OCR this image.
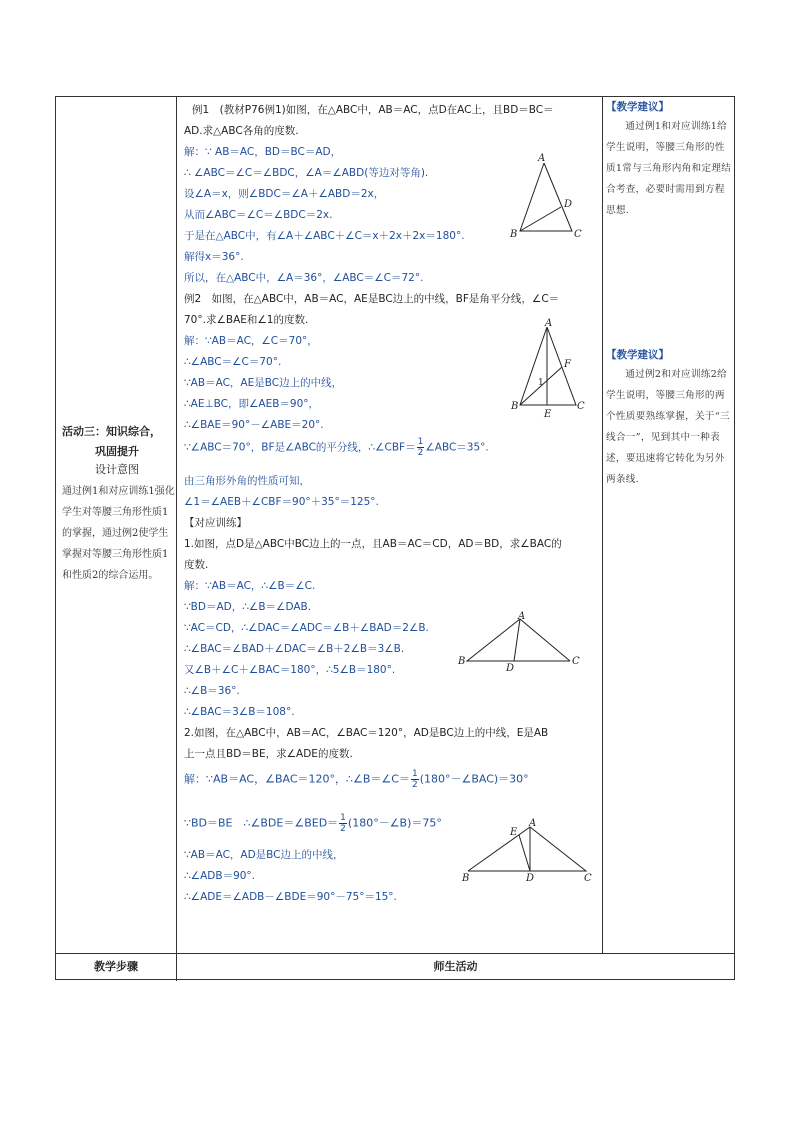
活动三：知识综合，
巩固提升
设计意图
通过例1和对应训练1强化学生对等腰三角形性质1的掌握，通过例2使学生掌握对等腰三角形性质1和性质2的综合运用。
例1　(教材P76例1)如图，在△ABC中，AB＝AC，点D在AC上，且BD＝BC＝
AD.求△ABC各角的度数.
解：∵ AB＝AC，BD＝BC＝AD，
∴ ∠ABC＝∠C＝∠BDC，∠A＝∠ABD(等边对等角).
设∠A＝x，则∠BDC＝∠A＋∠ABD＝2x，
从而∠ABC＝∠C＝∠BDC＝2x.
于是在△ABC中，有∠A＋∠ABC＋∠C＝x＋2x＋2x＝180°.
解得x＝36°.
所以，在△ABC中，∠A＝36°，∠ABC＝∠C＝72°.
例2　如图，在△ABC中，AB＝AC，AE是BC边上的中线，BF是角平分线，∠C＝
70°.求∠BAE和∠1的度数.
解：∵AB＝AC，∠C＝70°，
∴∠ABC＝∠C＝70°.
∵AB＝AC，AE是BC边上的中线，
∴AE⊥BC，即∠AEB＝90°，
∴∠BAE＝90°－∠ABE＝20°.
∵∠ABC＝70°，BF是∠ABC的平分线，∴∠CBF＝ $\frac{1}{2}$ ∠ABC＝35°.
由三角形外角的性质可知，
∠1＝∠AEB＋∠CBF＝90°＋35°＝125°.
【对应训练】
1.如图，点D是△ABC中BC边上的一点，且AB＝AC＝CD，AD＝BD，求∠BAC的
度数.
解：∵AB＝AC，∴∠B＝∠C.
∵BD＝AD，∴∠B＝∠DAB.
∵AC＝CD，∴∠DAC＝∠ADC＝∠B＋∠BAD＝2∠B.
∴∠BAC＝∠BAD＋∠DAC＝∠B＋2∠B＝3∠B.
又∠B＋∠C＋∠BAC＝180°，∴5∠B＝180°.
∴∠B＝36°.
∴∠BAC＝3∠B＝108°.
2.如图，在△ABC中，AB＝AC，∠BAC＝120°，AD是BC边上的中线，E是AB
上一点且BD＝BE，求∠ADE的度数.
解：∵AB＝AC，∠BAC＝120°，∴∠B＝∠C＝ $\frac{1}{2}$ (180°－∠BAC)＝30°
∵BD＝BE　∴∠BDE＝∠BED＝ $\frac{1}{2}$ (180°－∠B)＝75°
∵AB＝AC，AD是BC边上的中线，
∴∠ADB＝90°.
∴∠ADE＝∠ADB－∠BDE＝90°－75°＝15°.
A
D
B	C
A
F
1
B
E
C
A
B
D
C
E
A
B	D	C
【教学建议】
通过例1和对应训练1给学生说明，等腰三角形的性质1常与三角形内角和定理结合考查，必要时需用到方程思想.
【教学建议】
通过例2和对应训练2给学生说明，等腰三角形的两个性质要熟练掌握，关于“三线合一”，见到其中一种表述，要迅速将它转化为另外两条线.
教学步骤	师生活动
